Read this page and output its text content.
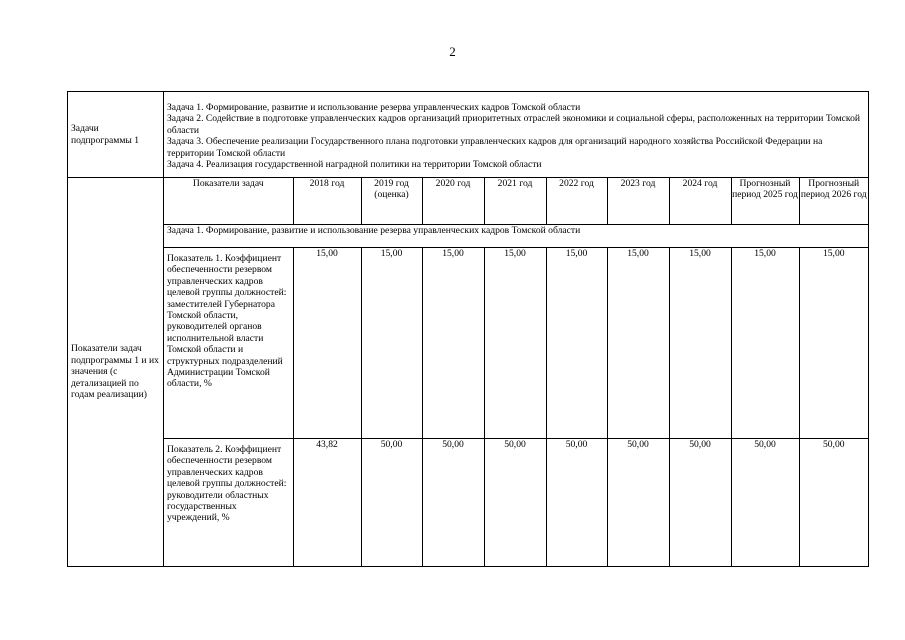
2
Задачи подпрограммы 1	
Задача 1. Формирование, развитие и использование резерва управленческих кадров Томской области
Задача 2. Содействие в подготовке управленческих кадров организаций приоритетных отраслей экономики и социальной сферы, расположенных на территории Томской области
Задача 3. Обеспечение реализации Государственного плана подготовки управленческих кадров для организаций народного хозяйства Российской Федерации на территории Томской области
Задача 4. Реализация государственной наградной политики на территории Томской области

Показатели задач подпрограммы 1 и их значения (с детализацией по годам реализации)	
Показатели задач	2018 год	2019 год (оценка)	2020 год	2021 год	2022 год	2023 год	2024 год	Прогнозный период 2025 год	Прогнозный период 2026 год
Задача 1. Формирование, развитие и использование резерва управленческих кадров Томской области
Показатель 1. Коэффициент обеспеченности резервом управленческих кадров целевой группы должностей: заместителей Губернатора Томской области, руководителей органов исполнительной власти Томской области и структурных подразделений Администрации Томской области, %	15,00	15,00	15,00	15,00	15,00	15,00	15,00	15,00	15,00
Показатель 2. Коэффициент обеспеченности резервом управленческих кадров целевой группы должностей: руководители областных государственных учреждений, %	43,82	50,00	50,00	50,00	50,00	50,00	50,00	50,00	50,00
